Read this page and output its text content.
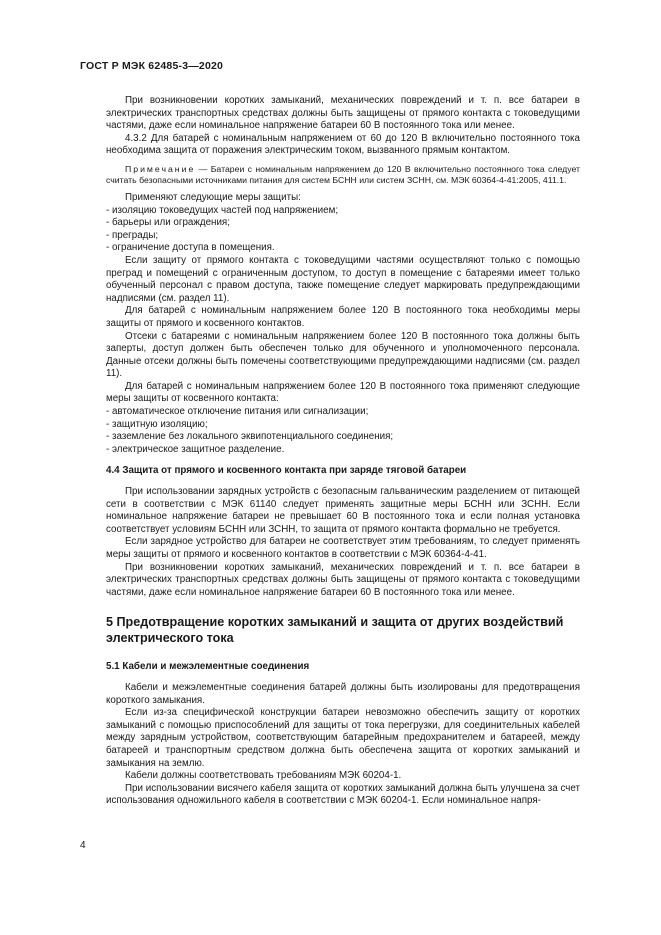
ГОСТ Р МЭК 62485-3—2020

При возникновении коротких замыканий, механических повреждений и т. п. все батареи в электрических транспортных средствах должны быть защищены от прямого контакта с токоведущими частями, даже если номинальное напряжение батареи 60 В постоянного тока или менее.

4.3.2 Для батарей с номинальным напряжением от 60 до 120 В включительно постоянного тока необходима защита от поражения электрическим током, вызванного прямым контактом.

Примечание — Батареи с номинальным напряжением до 120 В включительно постоянного тока следует считать безопасными источниками питания для систем БСНН или систем ЗСНН, см. МЭК 60364-4-41:2005, 411.1.

Применяют следующие меры защиты:

- изоляцию токоведущих частей под напряжением;
- барьеры или ограждения;
- преграды;
- ограничение доступа в помещения.

Если защиту от прямого контакта с токоведущими частями осуществляют только с помощью преград и помещений с ограниченным доступом, то доступ в помещение с батареями имеет только обученный персонал с правом доступа, также помещение следует маркировать предупреждающими надписями (см. раздел 11).

Для батарей с номинальным напряжением более 120 В постоянного тока необходимы меры защиты от прямого и косвенного контактов.

Отсеки с батареями с номинальным напряжением более 120 В постоянного тока должны быть заперты, доступ должен быть обеспечен только для обученного и уполномоченного персонала. Данные отсеки должны быть помечены соответствующими предупреждающими надписями (см. раздел 11).

Для батарей с номинальным напряжением более 120 В постоянного тока применяют следующие меры защиты от косвенного контакта:

- автоматическое отключение питания или сигнализации;
- защитную изоляцию;
- заземление без локального эквипотенциального соединения;
- электрическое защитное разделение.
4.4 Защита от прямого и косвенного контакта при заряде тяговой батареи

При использовании зарядных устройств с безопасным гальваническим разделением от питающей сети в соответствии с МЭК 61140 следует применять защитные меры БСНН или ЗСНН. Если номинальное напряжение батареи не превышает 60 В постоянного тока и если полная установка соответствует условиям БСНН или ЗСНН, то защита от прямого контакта формально не требуется.

Если зарядное устройство для батареи не соответствует этим требованиям, то следует применять меры защиты от прямого и косвенного контактов в соответствии с МЭК 60364-4-41.

При возникновении коротких замыканий, механических повреждений и т. п. все батареи в электрических транспортных средствах должны быть защищены от прямого контакта с токоведущими частями, даже если номинальное напряжение батареи 60 В постоянного тока или менее.

5 Предотвращение коротких замыканий и защита от других воздействий электрического тока
5.1 Кабели и межэлементные соединения

Кабели и межэлементные соединения батарей должны быть изолированы для предотвращения короткого замыкания.

Если из-за специфической конструкции батареи невозможно обеспечить защиту от коротких замыканий с помощью приспособлений для защиты от тока перегрузки, для соединительных кабелей между зарядным устройством, соответствующим батарейным предохранителем и батареей, между батареей и транспортным средством должна быть обеспечена защита от коротких замыканий и замыкания на землю.

Кабели должны соответствовать требованиям МЭК 60204-1.

При использовании висячего кабеля защита от коротких замыканий должна быть улучшена за счет использования одножильного кабеля в соответствии с МЭК 60204-1. Если номинальное напря-

4
